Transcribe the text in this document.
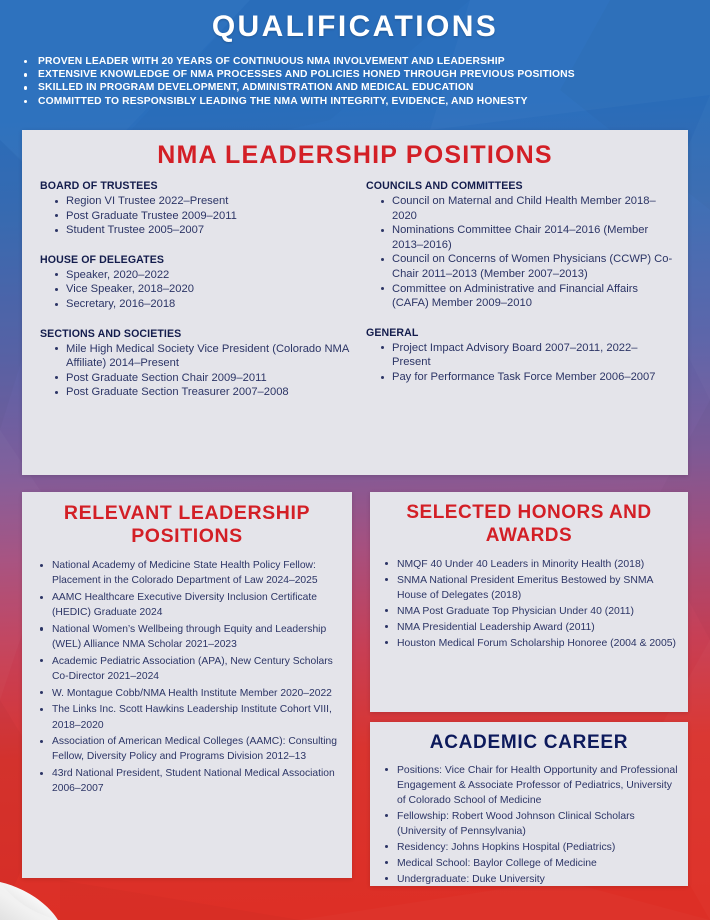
QUALIFICATIONS
PROVEN LEADER WITH 20 YEARS OF CONTINUOUS NMA INVOLVEMENT AND LEADERSHIP
EXTENSIVE KNOWLEDGE OF NMA PROCESSES AND POLICIES HONED THROUGH PREVIOUS POSITIONS
SKILLED IN PROGRAM DEVELOPMENT, ADMINISTRATION AND MEDICAL EDUCATION
COMMITTED TO RESPONSIBLY LEADING THE NMA WITH INTEGRITY, EVIDENCE, AND HONESTY
NMA LEADERSHIP POSITIONS
BOARD OF TRUSTEES
Region VI Trustee 2022–Present
Post Graduate Trustee 2009–2011
Student Trustee 2005–2007
HOUSE OF DELEGATES
Speaker, 2020–2022
Vice Speaker, 2018–2020
Secretary, 2016–2018
SECTIONS AND SOCIETIES
Mile High Medical Society Vice President (Colorado NMA Affiliate) 2014–Present
Post Graduate Section Chair 2009–2011
Post Graduate Section Treasurer 2007–2008
COUNCILS AND COMMITTEES
Council on Maternal and Child Health Member 2018–2020
Nominations Committee Chair 2014–2016 (Member 2013–2016)
Council on Concerns of Women Physicians (CCWP) Co-Chair 2011–2013 (Member 2007–2013)
Committee on Administrative and Financial Affairs (CAFA) Member 2009–2010
GENERAL
Project Impact Advisory Board 2007–2011, 2022–Present
Pay for Performance Task Force Member 2006–2007
RELEVANT LEADERSHIP POSITIONS
National Academy of Medicine State Health Policy Fellow: Placement in the Colorado Department of Law 2024–2025
AAMC Healthcare Executive Diversity Inclusion Certificate (HEDIC) Graduate 2024
National Women’s Wellbeing through Equity and Leadership (WEL) Alliance NMA Scholar 2021–2023
Academic Pediatric Association (APA), New Century Scholars Co-Director 2021–2024
W. Montague Cobb/NMA Health Institute Member 2020–2022
The Links Inc. Scott Hawkins Leadership Institute Cohort VIII, 2018–2020
Association of American Medical Colleges (AAMC): Consulting Fellow, Diversity Policy and Programs Division 2012–13
43rd National President, Student National Medical Association 2006–2007
SELECTED HONORS AND AWARDS
NMQF 40 Under 40 Leaders in Minority Health (2018)
SNMA National President Emeritus Bestowed by SNMA House of Delegates (2018)
NMA Post Graduate Top Physician Under 40 (2011)
NMA Presidential Leadership Award (2011)
Houston Medical Forum Scholarship Honoree (2004 & 2005)
ACADEMIC CAREER
Positions: Vice Chair for Health Opportunity and Professional Engagement & Associate Professor of Pediatrics, University of Colorado School of Medicine
Fellowship: Robert Wood Johnson Clinical Scholars (University of Pennsylvania)
Residency: Johns Hopkins Hospital (Pediatrics)
Medical School: Baylor College of Medicine
Undergraduate: Duke University
